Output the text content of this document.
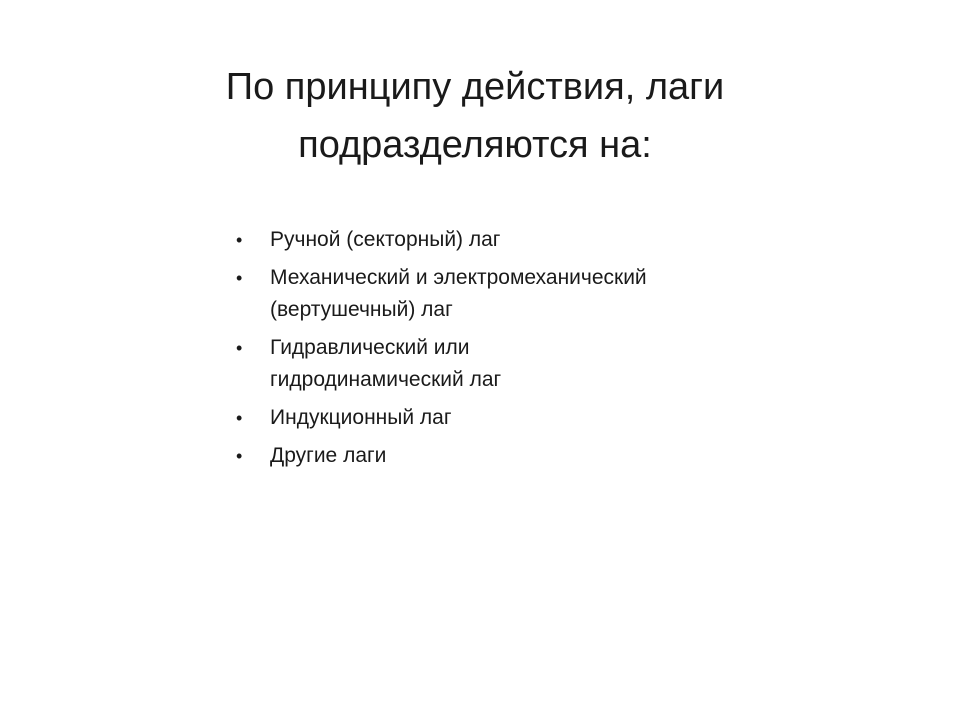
По принципу действия, лаги
подразделяются на:
• Ручной (секторный) лаг
• Механический и электромеханический
(вертушечный) лаг
• Гидравлический или
гидродинамический лаг
• Индукционный лаг
• Другие лаги
